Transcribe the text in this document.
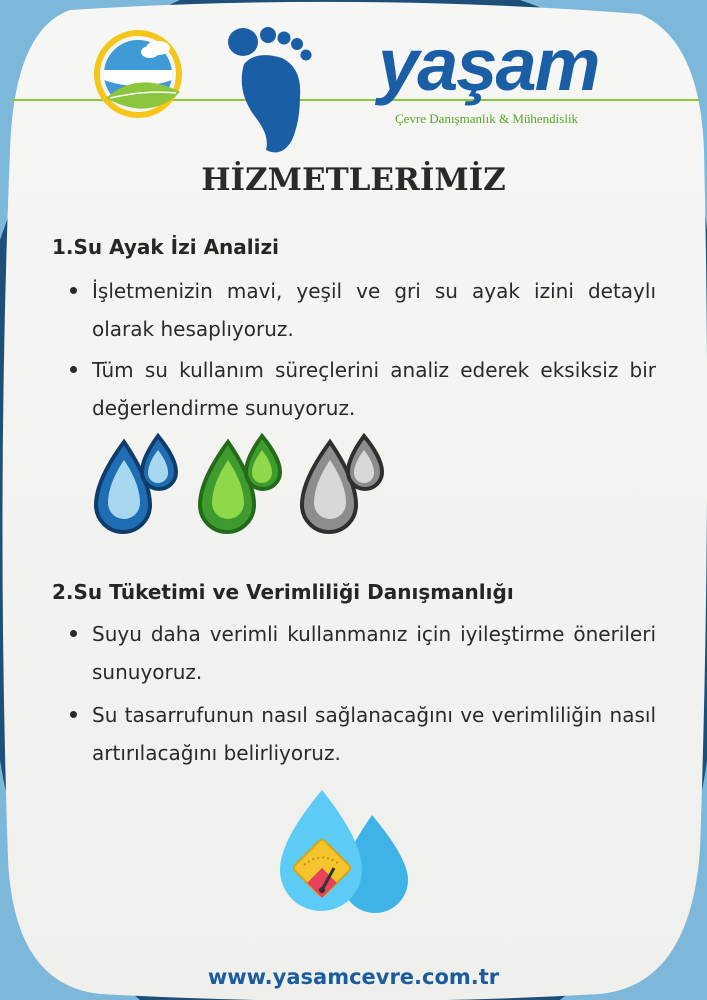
yaşam
Çevre Danışmanlık & Mühendislik
HİZMETLERİMİZ
1.Su Ayak İzi Analizi
İşletmenizin mavi, yeşil ve gri su ayak izini detaylı olarak hesaplıyoruz.
Tüm su kullanım süreçlerini analiz ederek eksiksiz bir değerlendirme sunuyoruz.
2.Su Tüketimi ve Verimliliği Danışmanlığı
Suyu daha verimli kullanmanız için iyileştirme önerileri sunuyoruz.
Su tasarrufunun nasıl sağlanacağını ve verimliliğin nasıl artırılacağını belirliyoruz.
www.yasamcevre.com.tr
